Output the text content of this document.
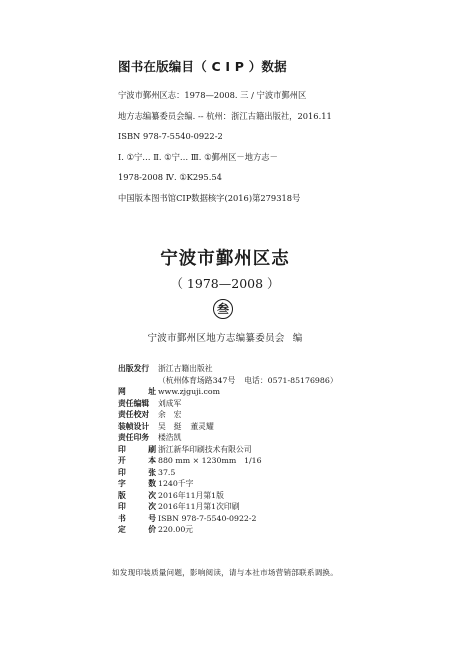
图书在版编目（ C I P ）数据
宁波市鄞州区志：1978—2008. 三 / 宁波市鄞州区
地方志编纂委员会编. -- 杭州：浙江古籍出版社，2016.11
ISBN 978-7-5540-0922-2
Ⅰ. ①宁… Ⅱ. ①宁… Ⅲ. ①鄞州区－地方志－
1978-2008 Ⅳ. ①K295.54
中国版本图书馆CIP数据核字(2016)第279318号
宁波市鄞州区志
（ 1978—2008 ）
叁
宁波市鄞州区地方志编纂委员会 编
出版发行	浙江古籍出版社
（杭州体育场路347号 电话：0571-85176986）
网	址 www.zjguji.com
责任编辑	刘成军
责任校对	余　宏
装帧设计	吴　挺 董灵耀
责任印务	楼浩凯
印	刷 浙江新华印刷技术有限公司
开	本 880 mm × 1230mm　1/16
印	张 37.5
字	数 1240千字
版	次 2016年11月第1版
印	次 2016年11月第1次印刷
书	号 ISBN 978-7-5540-0922-2
定	价 220.00元
如发现印装质量问题，影响阅读，请与本社市场营销部联系调换。
